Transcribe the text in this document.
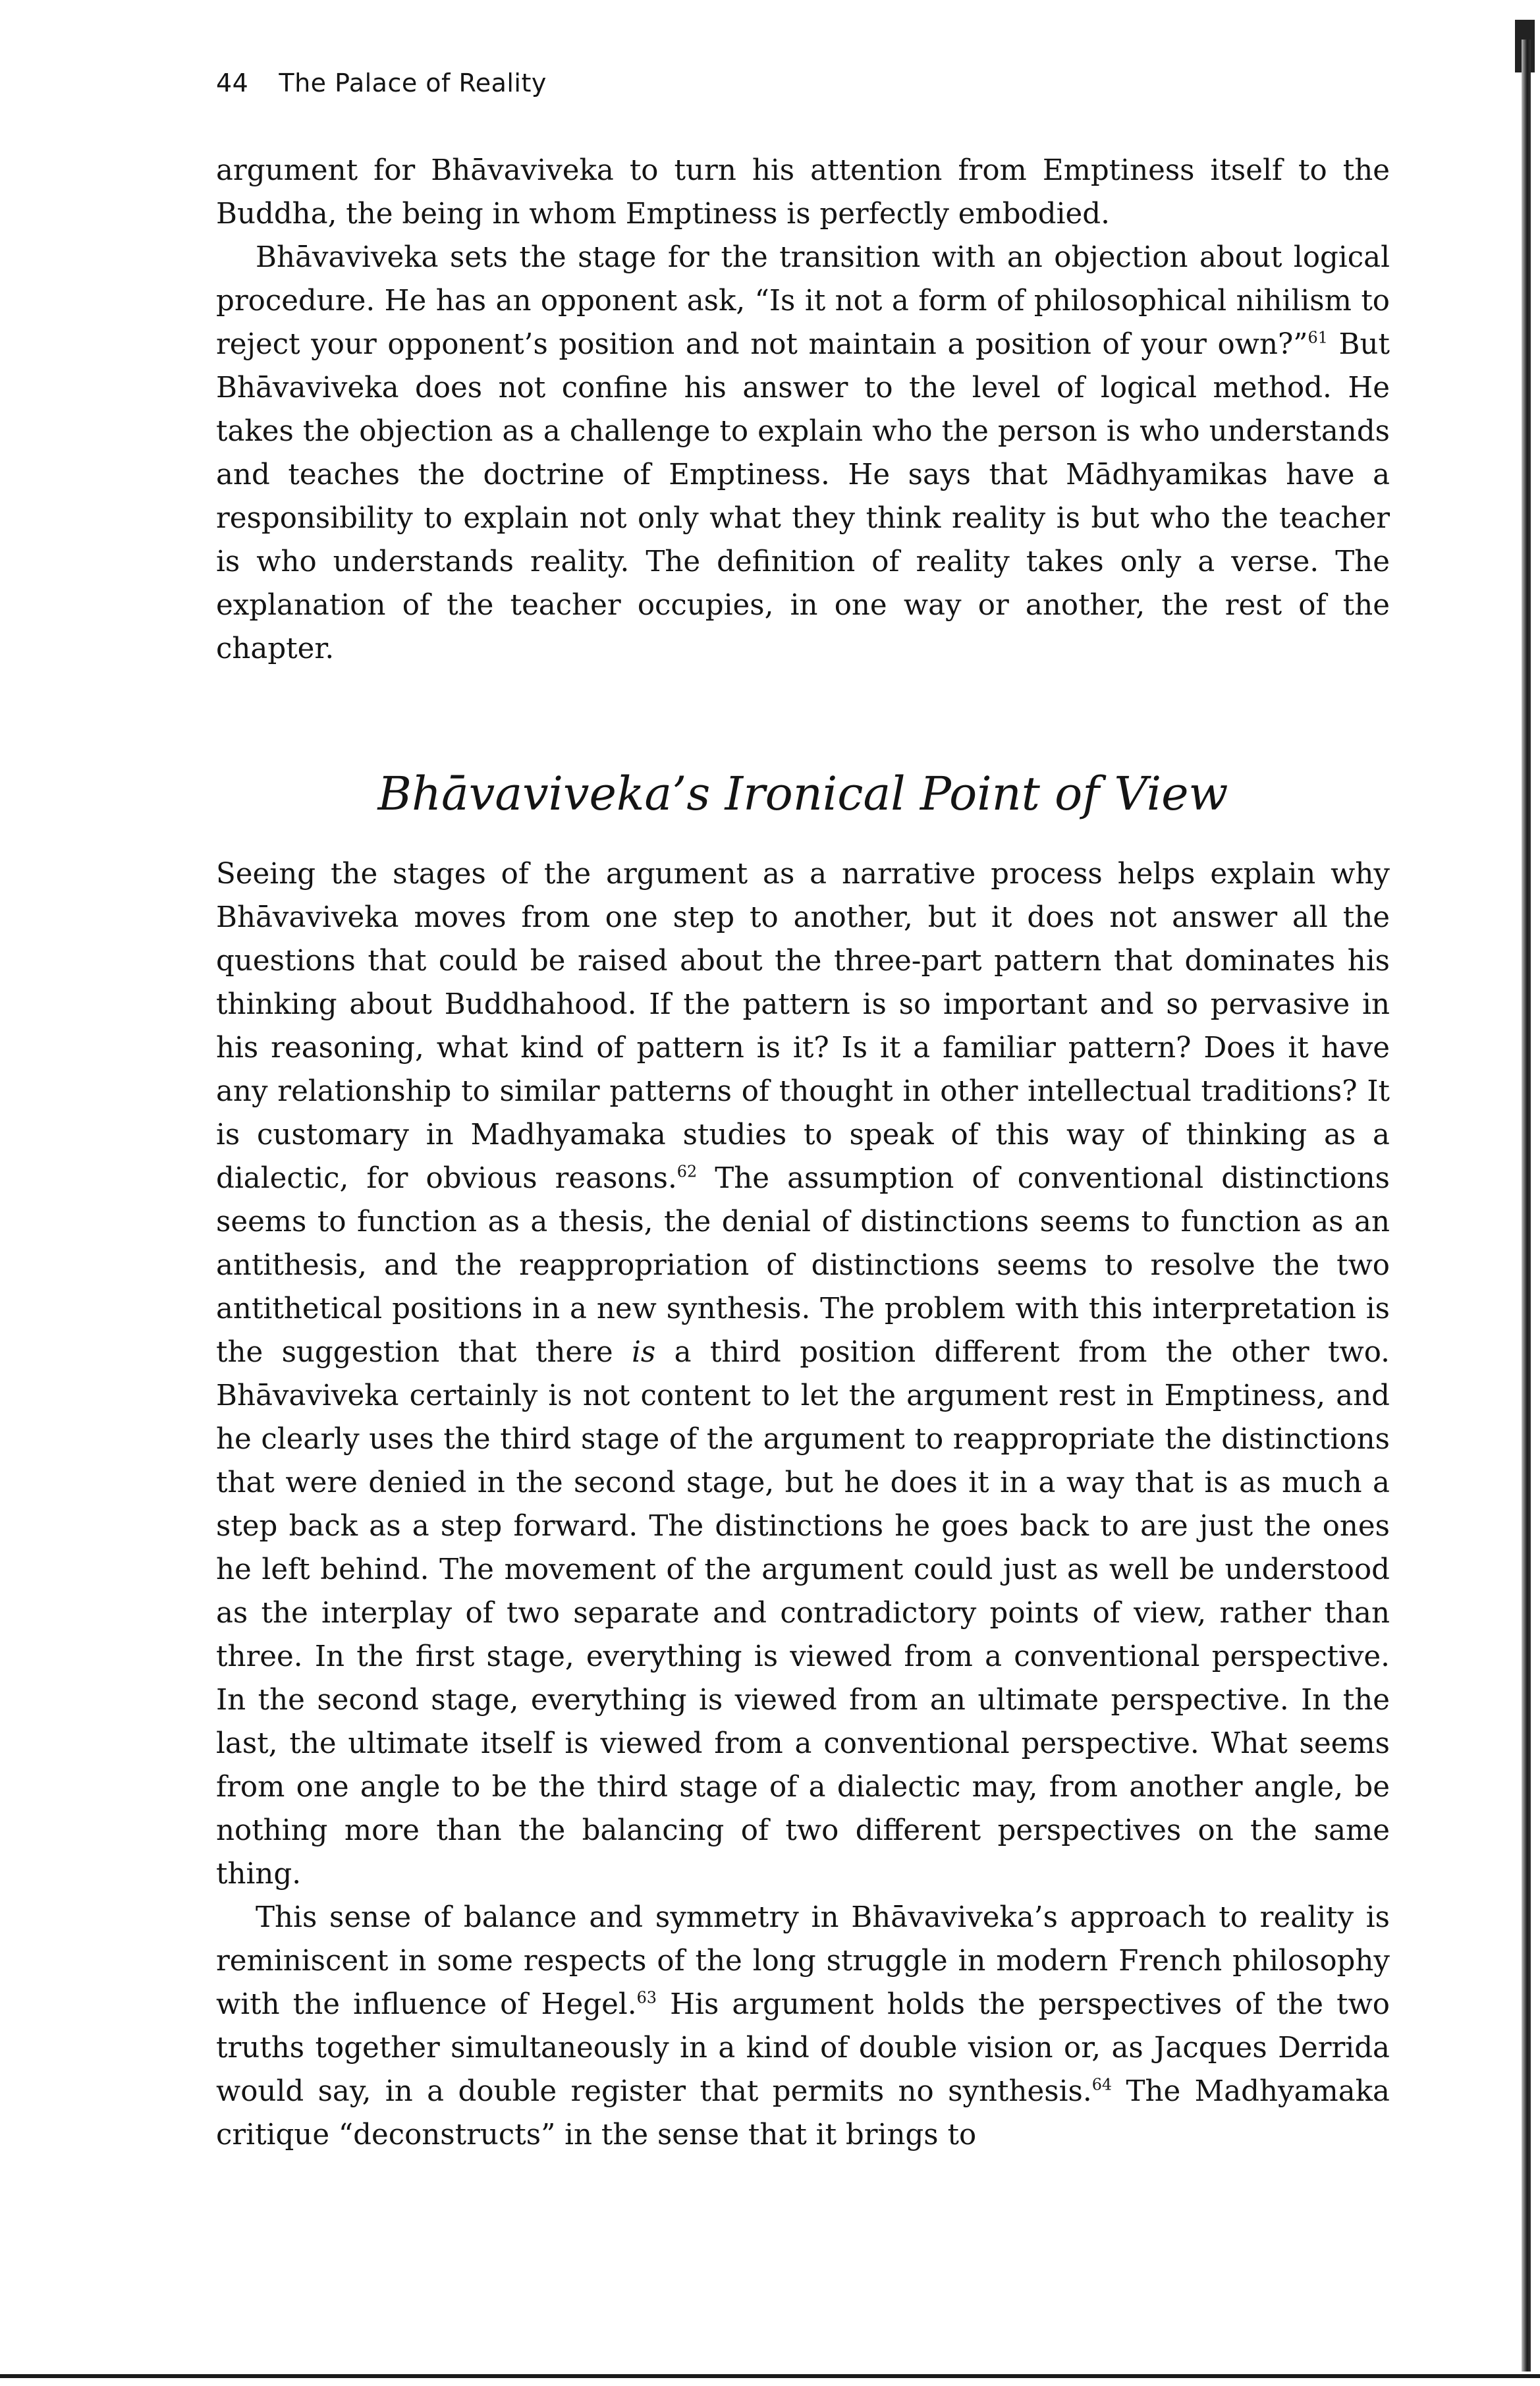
44 The Palace of Reality

argument for Bhāvaviveka to turn his attention from Emptiness itself to the Buddha, the being in whom Emptiness is perfectly embodied.

Bhāvaviveka sets the stage for the transition with an objection about logical procedure. He has an opponent ask, “Is it not a form of philosophical nihilism to reject your opponent’s position and not maintain a position of your own?”$^{61}$ But Bhāvaviveka does not confine his answer to the level of logical method. He takes the objection as a challenge to explain who the person is who understands and teaches the doctrine of Emptiness. He says that Mādhyamikas have a responsibility to explain not only what they think reality is but who the teacher is who understands reality. The definition of reality takes only a verse. The explanation of the teacher occupies, in one way or another, the rest of the chapter.

Bhāvaviveka’s Ironical Point of View

Seeing the stages of the argument as a narrative process helps explain why Bhāvaviveka moves from one step to another, but it does not answer all the questions that could be raised about the three-part pattern that dominates his thinking about Buddhahood. If the pattern is so important and so pervasive in his reasoning, what kind of pattern is it? Is it a familiar pattern? Does it have any relationship to similar patterns of thought in other intellectual traditions? It is customary in Madhyamaka studies to speak of this way of thinking as a dialectic, for obvious reasons.$^{62}$ The assumption of conventional distinctions seems to function as a thesis, the denial of distinctions seems to function as an antithesis, and the reappropriation of distinctions seems to resolve the two antithetical positions in a new synthesis. The problem with this interpretation is the suggestion that there is a third position different from the other two. Bhāvaviveka certainly is not content to let the argument rest in Emptiness, and he clearly uses the third stage of the argument to reappropriate the distinctions that were denied in the second stage, but he does it in a way that is as much a step back as a step forward. The distinctions he goes back to are just the ones he left behind. The movement of the argument could just as well be understood as the interplay of two separate and contradictory points of view, rather than three. In the first stage, everything is viewed from a conventional perspective. In the second stage, everything is viewed from an ultimate perspective. In the last, the ultimate itself is viewed from a conventional perspective. What seems from one angle to be the third stage of a dialectic may, from another angle, be nothing more than the balancing of two different perspectives on the same thing.

This sense of balance and symmetry in Bhāvaviveka’s approach to reality is reminiscent in some respects of the long struggle in modern French philosophy with the influence of Hegel.$^{63}$ His argument holds the perspectives of the two truths together simultaneously in a kind of double vision or, as Jacques Derrida would say, in a double register that permits no synthesis.$^{64}$ The Madhyamaka critique “deconstructs” in the sense that it brings to
